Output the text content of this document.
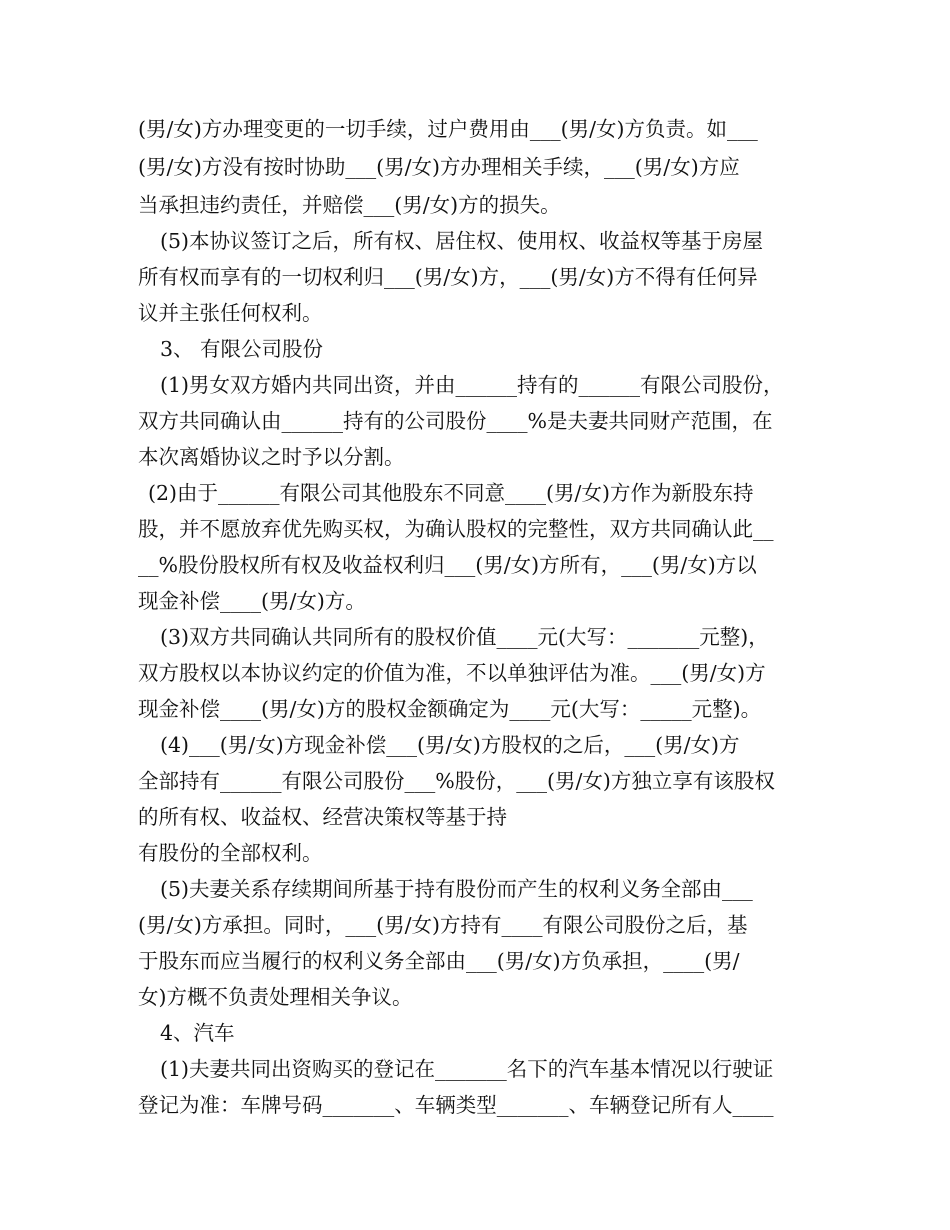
(男/女)方办理变更的一切手续，过户费用由___(男/女)方负责。如___
(男/女)方没有按时协助___(男/女)方办理相关手续，___(男/女)方应
当承担违约责任，并赔偿___(男/女)方的损失。
(5)本协议签订之后，所有权、居住权、使用权、收益权等基于房屋
所有权而享有的一切权利归___(男/女)方，___(男/女)方不得有任何异
议并主张任何权利。
3、 有限公司股份
(1)男女双方婚内共同出资，并由______持有的______有限公司股份，
双方共同确认由______持有的公司股份____%是夫妻共同财产范围，在
本次离婚协议之时予以分割。
(2)由于______有限公司其他股东不同意____(男/女)方作为新股东持
股，并不愿放弃优先购买权，为确认股权的完整性，双方共同确认此__
__%股份股权所有权及收益权利归___(男/女)方所有，___(男/女)方以
现金补偿____(男/女)方。
(3)双方共同确认共同所有的股权价值____元(大写：_______元整)，
双方股权以本协议约定的价值为准，不以单独评估为准。___(男/女)方
现金补偿____(男/女)方的股权金额确定为____元(大写：_____元整)。
(4)___(男/女)方现金补偿___(男/女)方股权的之后，___(男/女)方
全部持有______有限公司股份___%股份，___(男/女)方独立享有该股权
的所有权、收益权、经营决策权等基于持
有股份的全部权利。
(5)夫妻关系存续期间所基于持有股份而产生的权利义务全部由___
(男/女)方承担。同时，___(男/女)方持有____有限公司股份之后，基
于股东而应当履行的权利义务全部由___(男/女)方负承担，____(男/
女)方概不负责处理相关争议。
4、汽车
(1)夫妻共同出资购买的登记在_______名下的汽车基本情况以行驶证
登记为准：车牌号码_______、车辆类型_______、车辆登记所有人____
